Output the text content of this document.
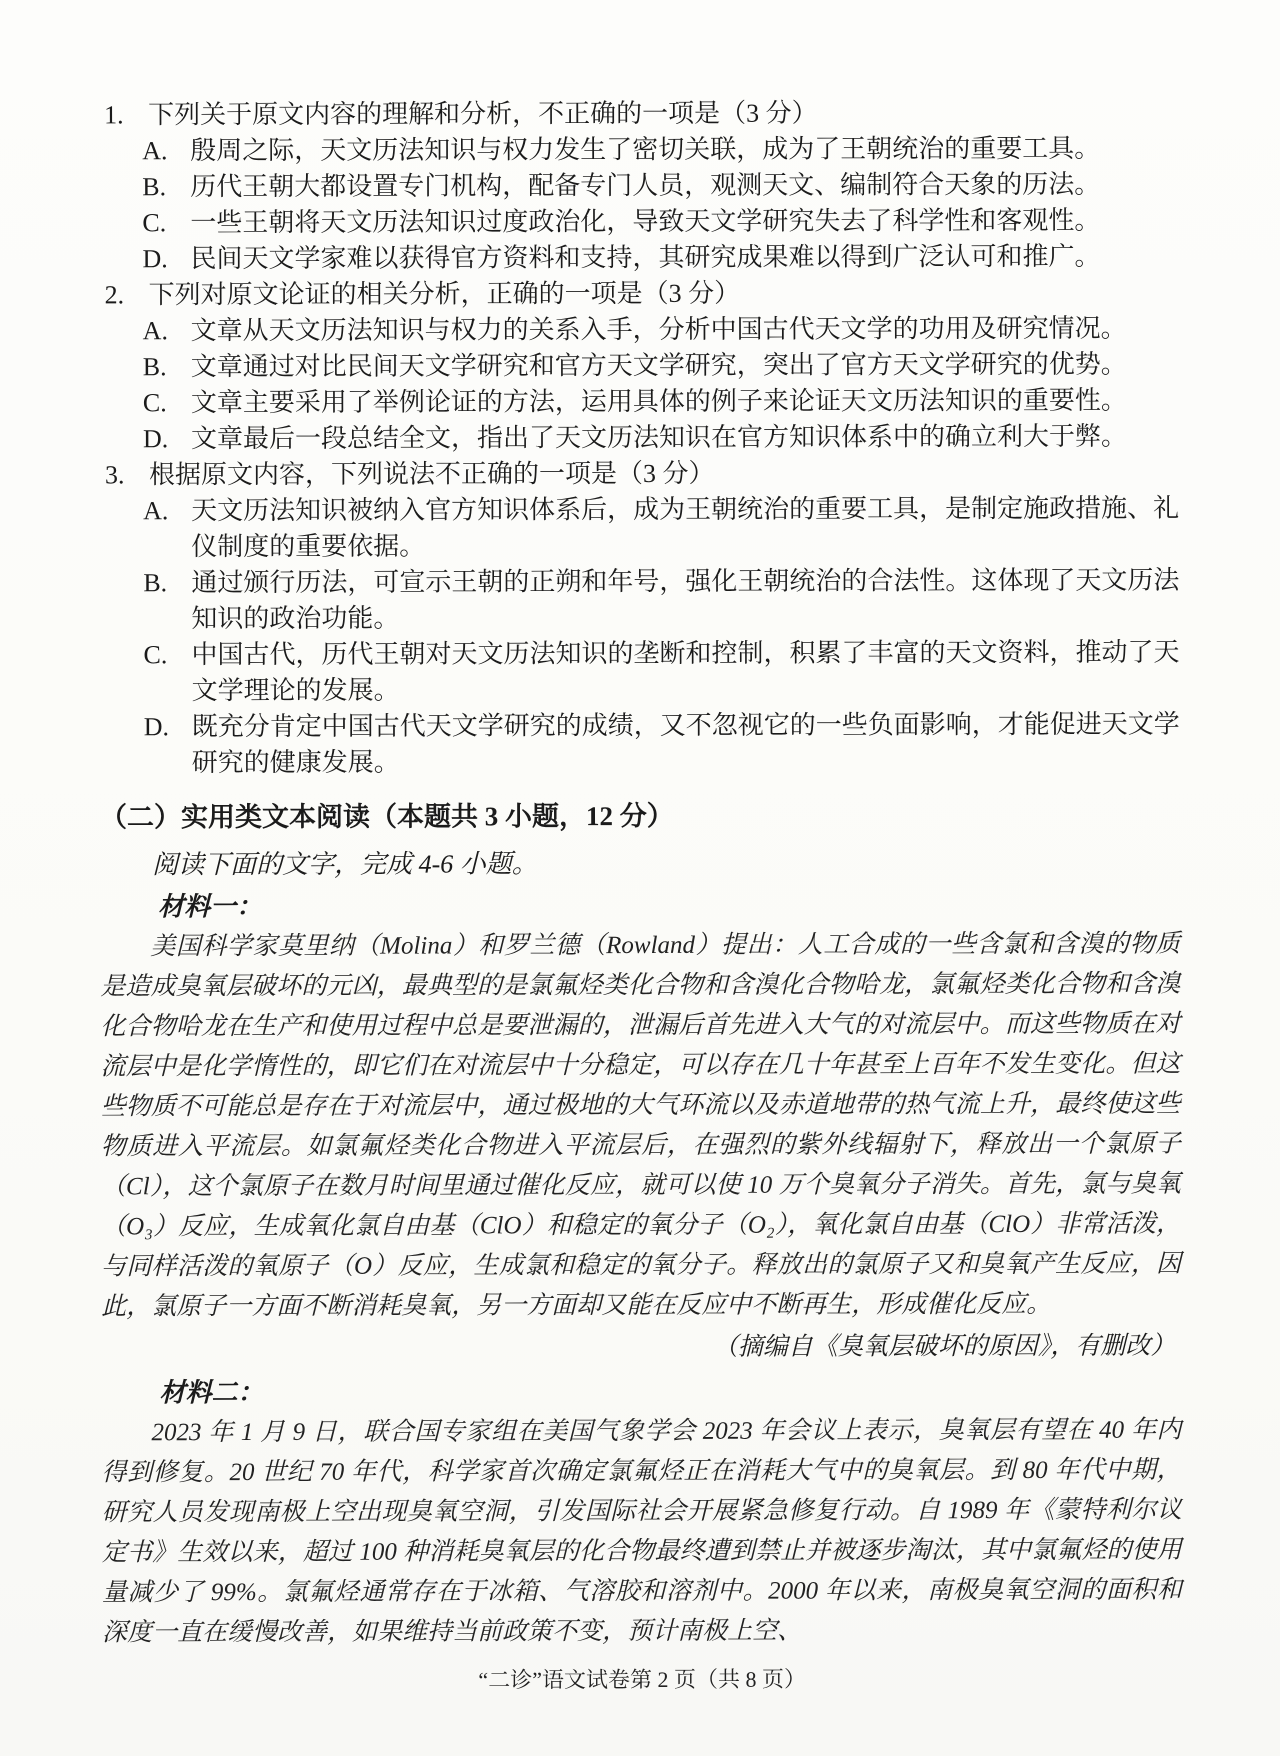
1. 下列关于原文内容的理解和分析，不正确的一项是（3 分）
A. 殷周之际，天文历法知识与权力发生了密切关联，成为了王朝统治的重要工具。
B. 历代王朝大都设置专门机构，配备专门人员，观测天文、编制符合天象的历法。
C. 一些王朝将天文历法知识过度政治化，导致天文学研究失去了科学性和客观性。
D. 民间天文学家难以获得官方资料和支持，其研究成果难以得到广泛认可和推广。
2. 下列对原文论证的相关分析，正确的一项是（3 分）
A. 文章从天文历法知识与权力的关系入手，分析中国古代天文学的功用及研究情况。
B. 文章通过对比民间天文学研究和官方天文学研究，突出了官方天文学研究的优势。
C. 文章主要采用了举例论证的方法，运用具体的例子来论证天文历法知识的重要性。
D. 文章最后一段总结全文，指出了天文历法知识在官方知识体系中的确立利大于弊。
3. 根据原文内容，下列说法不正确的一项是（3 分）
A. 天文历法知识被纳入官方知识体系后，成为王朝统治的重要工具，是制定施政措施、礼仪制度的重要依据。
B. 通过颁行历法，可宣示王朝的正朔和年号，强化王朝统治的合法性。这体现了天文历法知识的政治功能。
C. 中国古代，历代王朝对天文历法知识的垄断和控制，积累了丰富的天文资料，推动了天文学理论的发展。
D. 既充分肯定中国古代天文学研究的成绩，又不忽视它的一些负面影响，才能促进天文学研究的健康发展。
（二）实用类文本阅读（本题共 3 小题，12 分）

阅读下面的文字，完成 4-6 小题。

材料一：

美国科学家莫里纳（Molina）和罗兰德（Rowland）提出：人工合成的一些含氯和含溴的物质是造成臭氧层破坏的元凶，最典型的是氯氟烃类化合物和含溴化合物哈龙，氯氟烃类化合物和含溴化合物哈龙在生产和使用过程中总是要泄漏的，泄漏后首先进入大气的对流层中。而这些物质在对流层中是化学惰性的，即它们在对流层中十分稳定，可以存在几十年甚至上百年不发生变化。但这些物质不可能总是存在于对流层中，通过极地的大气环流以及赤道地带的热气流上升，最终使这些物质进入平流层。如氯氟烃类化合物进入平流层后，在强烈的紫外线辐射下，释放出一个氯原子（Cl），这个氯原子在数月时间里通过催化反应，就可以使 10 万个臭氧分子消失。首先，氯与臭氧（O₃）反应，生成氧化氯自由基（ClO）和稳定的氧分子（O₂），氧化氯自由基（ClO）非常活泼，与同样活泼的氧原子（O）反应，生成氯和稳定的氧分子。释放出的氯原子又和臭氧产生反应，因此，氯原子一方面不断消耗臭氧，另一方面却又能在反应中不断再生，形成催化反应。

（摘编自《臭氧层破坏的原因》，有删改）

材料二：

2023 年 1 月 9 日，联合国专家组在美国气象学会 2023 年会议上表示，臭氧层有望在 40 年内得到修复。20 世纪 70 年代，科学家首次确定氯氟烃正在消耗大气中的臭氧层。到 80 年代中期，研究人员发现南极上空出现臭氧空洞，引发国际社会开展紧急修复行动。自 1989 年《蒙特利尔议定书》生效以来，超过 100 种消耗臭氧层的化合物最终遭到禁止并被逐步淘汰，其中氯氟烃的使用量减少了 99%。氯氟烃通常存在于冰箱、气溶胶和溶剂中。2000 年以来，南极臭氧空洞的面积和深度一直在缓慢改善，如果维持当前政策不变，预计南极上空、

“二诊”语文试卷第 2 页（共 8 页）
